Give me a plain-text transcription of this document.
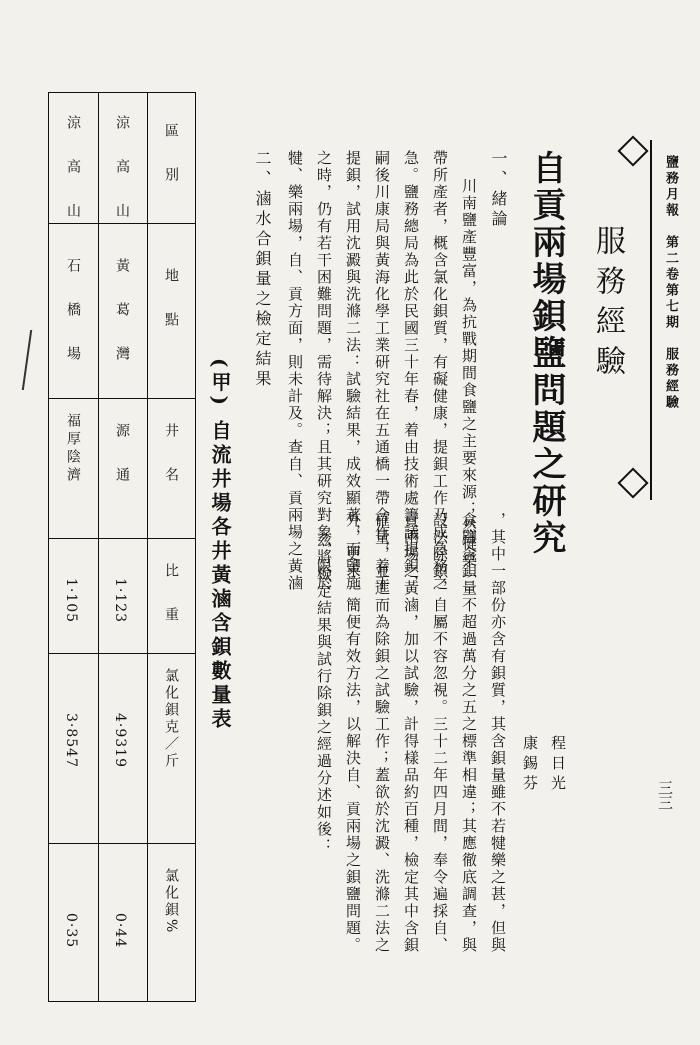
鹽務月報　第二卷第七期　服務經驗
服務經驗
自貢兩場鋇鹽問題之研究
程日光
康錫芬
，其中一部份亦含有鋇質，其含鋇量雖不若犍樂之甚，但與
食鹽含鋇量不超過萬分之五之標準相違；其應徹底調查，與
設法除鋇，自屬不容忽視。三十二年四月間，奉令遍採自、
貢兩場之黃滷，加以試驗，計得樣品約百種，檢定其中含鋇
確量，並進而為除鋇之試驗工作；蓋欲於沈澱、洗滌二法之
外，更求一簡便有效方法，以解決自、貢兩場之鋇鹽問題。
茲將檢定結果與試行除鋇之經過分述如後：
一、緒論
川南鹽產豐富，為抗戰期間食鹽之主要來源；然犍樂一
帶所產者，概含氯化鋇質，有礙健康，提鋇工作乃成急務之
急。鹽務總局為此於民國三十年春，着由技術處籌議提鋇，
嗣後川康局與黃海化學工業研究社在五通橋一帶合作，着手
提鋇，試用沈澱與洗滌二法：試驗結果，成效顯著，而鹽施
之時，仍有若干困難問題，需待解決；且其研究對象，限於
犍、樂兩場，自、貢方面，則未計及。查自、貢兩場之黃滷
二、滷水合鋇量之檢定結果
(甲) 自流井場各井黃滷含鋇數量表
區　別
地　點
井　名
比　重
氯化鋇克／斤
氯化鋇%
涼　高　山
黃　葛　灣
源　通
1·123
4·9319
0·44
涼　高　山
石　橋　場
福厚陰濟
1·105
3·8547
0·35
三三
